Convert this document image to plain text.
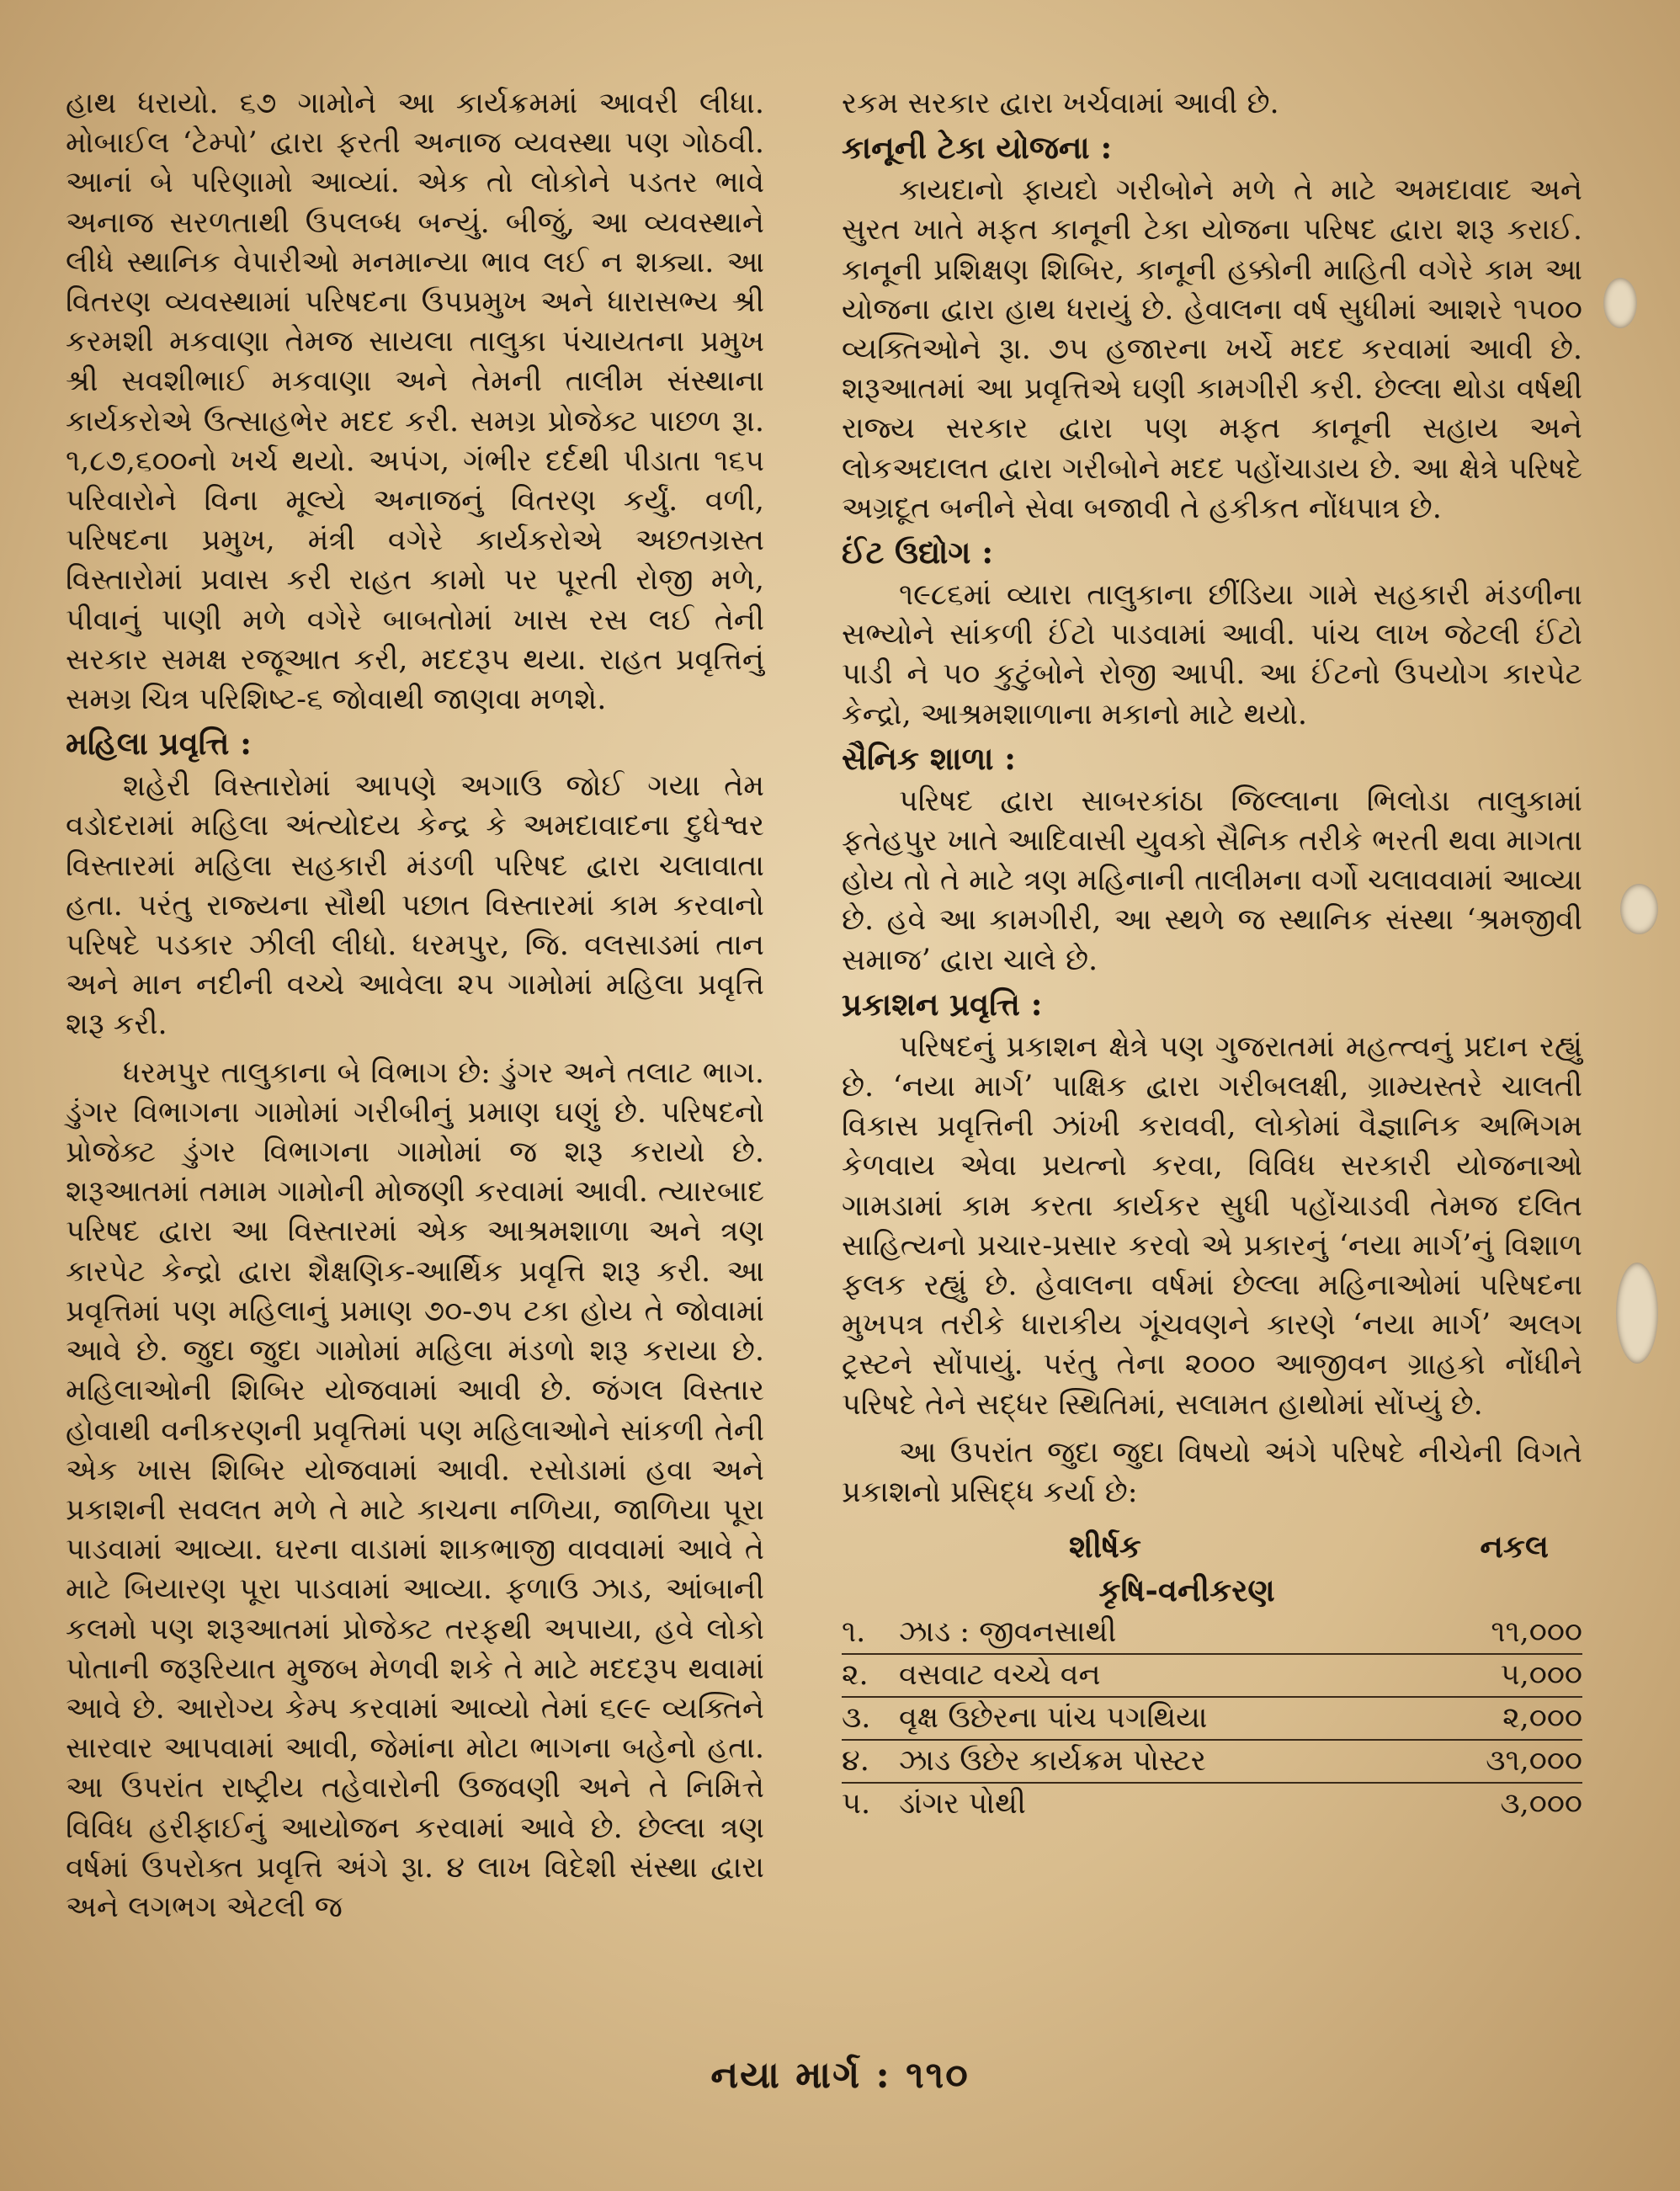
હાથ ધરાયો. ૬૭ ગામોને આ કાર્યક્રમમાં આવરી લીધા. મોબાઈલ ‘ટેમ્પો’ દ્વારા ફરતી અનાજ વ્યવસ્થા પણ ગોઠવી. આનાં બે પરિણામો આવ્યાં. એક તો લોકોને પડતર ભાવે અનાજ સરળતાથી ઉપલબ્ધ બન્યું. બીજું, આ વ્યવસ્થાને લીધે સ્થાનિક વેપારીઓ મનમાન્યા ભાવ લઈ ન શક્યા. આ વિતરણ વ્યવસ્થામાં પરિષદના ઉપપ્રમુખ અને ધારાસભ્ય શ્રી કરમશી મકવાણા તેમજ સાયલા તાલુકા પંચાયતના પ્રમુખ શ્રી સવશીભાઈ મકવાણા અને તેમની તાલીમ સંસ્થાના કાર્યકરોએ ઉત્સાહભેર મદદ કરી. સમગ્ર પ્રોજેક્ટ પાછળ રૂા. ૧,૮૭,૬૦૦નો ખર્ચ થયો. અપંગ, ગંભીર દર્દથી પીડાતા ૧૬૫ પરિવારોને વિના મૂલ્યે અનાજનું વિતરણ કર્યું. વળી, પરિષદના પ્રમુખ, મંત્રી વગેરે કાર્યકરોએ અછતગ્રસ્ત વિસ્તારોમાં પ્રવાસ કરી રાહત કામો પર પૂરતી રોજી મળે, પીવાનું પાણી મળે વગેરે બાબતોમાં ખાસ રસ લઈ તેની સરકાર સમક્ષ રજૂઆત કરી, મદદરૂપ થયા. રાહત પ્રવૃત્તિનું સમગ્ર ચિત્ર પરિશિષ્ટ-૬ જોવાથી જાણવા મળશે.

મહિલા પ્રવૃત્તિ :

શહેરી વિસ્તારોમાં આપણે અગાઉ જોઈ ગયા તેમ વડોદરામાં મહિલા અંત્યોદય કેન્દ્ર કે અમદાવાદના દુધેશ્વર વિસ્તારમાં મહિલા સહકારી મંડળી પરિષદ દ્વારા ચલાવાતા હતા. પરંતુ રાજ્યના સૌથી પછાત વિસ્તારમાં કામ કરવાનો પરિષદે પડકાર ઝીલી લીધો. ધરમપુર, જિ. વલસાડમાં તાન અને માન નદીની વચ્ચે આવેલા ૨૫ ગામોમાં મહિલા પ્રવૃત્તિ શરૂ કરી.

ધરમપુર તાલુકાના બે વિભાગ છે: ડુંગર અને તલાટ ભાગ. ડુંગર વિભાગના ગામોમાં ગરીબીનું પ્રમાણ ઘણું છે. પરિષદનો પ્રોજેક્ટ ડુંગર વિભાગના ગામોમાં જ શરૂ કરાયો છે. શરૂઆતમાં તમામ ગામોની મોજણી કરવામાં આવી. ત્યારબાદ પરિષદ દ્વારા આ વિસ્તારમાં એક આશ્રમશાળા અને ત્રણ કારપેટ કેન્દ્રો દ્વારા શૈક્ષણિક-આર્થિક પ્રવૃત્તિ શરૂ કરી. આ પ્રવૃત્તિમાં પણ મહિલાનું પ્રમાણ ૭૦-૭૫ ટકા હોય તે જોવામાં આવે છે. જુદા જુદા ગામોમાં મહિલા મંડળો શરૂ કરાયા છે. મહિલાઓની શિબિર યોજવામાં આવી છે. જંગલ વિસ્તાર હોવાથી વનીકરણની પ્રવૃત્તિમાં પણ મહિલાઓને સાંકળી તેની એક ખાસ શિબિર યોજવામાં આવી. રસોડામાં હવા અને પ્રકાશની સવલત મળે તે માટે કાચના નળિયા, જાળિયા પૂરા પાડવામાં આવ્યા. ઘરના વાડામાં શાકભાજી વાવવામાં આવે તે માટે બિયારણ પૂરા પાડવામાં આવ્યા. ફળાઉ ઝાડ, આંબાની કલમો પણ શરૂઆતમાં પ્રોજેક્ટ તરફથી અપાયા, હવે લોકો પોતાની જરૂરિયાત મુજબ મેળવી શકે તે માટે મદદરૂપ થવામાં આવે છે. આરોગ્ય કેમ્પ કરવામાં આવ્યો તેમાં ૬૯૯ વ્યક્તિને સારવાર આપવામાં આવી, જેમાંના મોટા ભાગના બહેનો હતા. આ ઉપરાંત રાષ્ટ્રીય તહેવારોની ઉજવણી અને તે નિમિત્તે વિવિધ હરીફાઈનું આયોજન કરવામાં આવે છે. છેલ્લા ત્રણ વર્ષમાં ઉપરોક્ત પ્રવૃત્તિ અંગે રૂા. ૪ લાખ વિદેશી સંસ્થા દ્વારા અને લગભગ એટલી જ

રકમ સરકાર દ્વારા ખર્ચવામાં આવી છે.

કાનૂની ટેકા યોજના :

કાયદાનો ફાયદો ગરીબોને મળે તે માટે અમદાવાદ અને સુરત ખાતે મફત કાનૂની ટેકા યોજના પરિષદ દ્વારા શરૂ કરાઈ. કાનૂની પ્રશિક્ષણ શિબિર, કાનૂની હક્કોની માહિતી વગેરે કામ આ યોજના દ્વારા હાથ ધરાયું છે. હેવાલના વર્ષ સુધીમાં આશરે ૧૫૦૦ વ્યક્તિઓને રૂા. ૭૫ હજારના ખર્ચે મદદ કરવામાં આવી છે. શરૂઆતમાં આ પ્રવૃત્તિએ ઘણી કામગીરી કરી. છેલ્લા થોડા વર્ષથી રાજ્ય સરકાર દ્વારા પણ મફત કાનૂની સહાય અને લોકઅદાલત દ્વારા ગરીબોને મદદ પહોંચાડાય છે. આ ક્ષેત્રે પરિષદે અગ્રદૂત બનીને સેવા બજાવી તે હકીકત નોંધપાત્ર છે.

ઈંટ ઉદ્યોગ :

૧૯૮૬માં વ્યારા તાલુકાના છીંડિયા ગામે સહકારી મંડળીના સભ્યોને સાંકળી ઈંટો પાડવામાં આવી. પાંચ લાખ જેટલી ઈંટો પાડી ને ૫૦ કુટુંબોને રોજી આપી. આ ઈંટનો ઉપયોગ કારપેટ કેન્દ્રો, આશ્રમશાળાના મકાનો માટે થયો.

સૈનિક શાળા :

પરિષદ દ્વારા સાબરકાંઠા જિલ્લાના ભિલોડા તાલુકામાં ફતેહપુર ખાતે આદિવાસી યુવકો સૈનિક તરીકે ભરતી થવા માગતા હોય તો તે માટે ત્રણ મહિનાની તાલીમના વર્ગો ચલાવવામાં આવ્યા છે. હવે આ કામગીરી, આ સ્થળે જ સ્થાનિક સંસ્થા ‘શ્રમજીવી સમાજ’ દ્વારા ચાલે છે.

પ્રકાશન પ્રવૃત્તિ :

પરિષદનું પ્રકાશન ક્ષેત્રે પણ ગુજરાતમાં મહત્ત્વનું પ્રદાન રહ્યું છે. ‘નયા માર્ગ’ પાક્ષિક દ્વારા ગરીબલક્ષી, ગ્રામ્યસ્તરે ચાલતી વિકાસ પ્રવૃત્તિની ઝાંખી કરાવવી, લોકોમાં વૈજ્ઞાનિક અભિગમ કેળવાય એવા પ્રયત્નો કરવા, વિવિધ સરકારી યોજનાઓ ગામડામાં કામ કરતા કાર્યકર સુધી પહોંચાડવી તેમજ દલિત સાહિત્યનો પ્રચાર-પ્રસાર કરવો એ પ્રકારનું ‘નયા માર્ગ’નું વિશાળ ફલક રહ્યું છે. હેવાલના વર્ષમાં છેલ્લા મહિનાઓમાં પરિષદના મુખપત્ર તરીકે ધારાકીય ગૂંચવણને કારણે ‘નયા માર્ગ’ અલગ ટ્રસ્ટને સોંપાયું. પરંતુ તેના ૨૦૦૦ આજીવન ગ્રાહકો નોંધીને પરિષદે તેને સદ્ધર સ્થિતિમાં, સલામત હાથોમાં સોંપ્યું છે.

આ ઉપરાંત જુદા જુદા વિષયો અંગે પરિષદે નીચેની વિગતે પ્રકાશનો પ્રસિદ્ધ કર્યા છે:

શીર્ષક	નકલ
કૃષિ-વનીકરણ
૧.	ઝાડ : જીવનસાથી	૧૧,૦૦૦
૨.	વસવાટ વચ્ચે વન	૫,૦૦૦
૩. વૃક્ષ ઉછેરના પાંચ પગથિયા	૨,૦૦૦
૪.	ઝાડ ઉછેર કાર્યક્રમ પોસ્ટર	૩૧,૦૦૦
૫. ડાંગર પોથી	૩,૦૦૦
નયા માર્ગ : ૧૧૦
